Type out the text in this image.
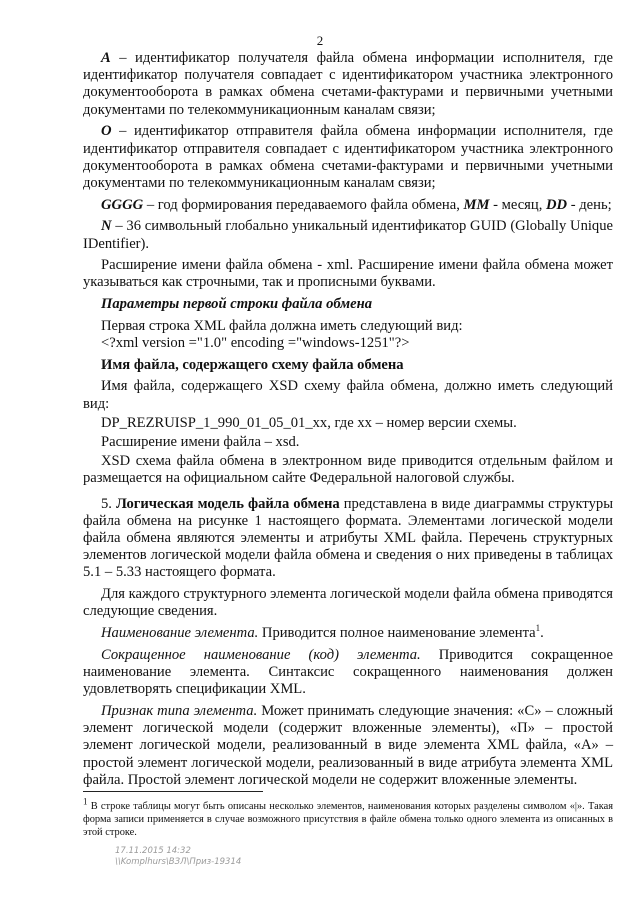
2

A – идентификатор получателя файла обмена информации исполнителя, где идентификатор получателя совпадает с идентификатором участника электронного документооборота в рамках обмена счетами-фактурами и первичными учетными документами по телекоммуникационным каналам связи;

O – идентификатор отправителя файла обмена информации исполнителя, где идентификатор отправителя совпадает с идентификатором участника электронного документооборота в рамках обмена счетами-фактурами и первичными учетными документами по телекоммуникационным каналам связи;

GGGG – год формирования передаваемого файла обмена, MM - месяц, DD - день;

N – 36 символьный глобально уникальный идентификатор GUID (Globally Unique IDentifier).

Расширение имени файла обмена - xml. Расширение имени файла обмена может указываться как строчными, так и прописными буквами.

Параметры первой строки файла обмена

Первая строка XML файла должна иметь следующий вид:

<?xml version ="1.0" encoding ="windows-1251"?>

Имя файла, содержащего схему файла обмена

Имя файла, содержащего XSD схему файла обмена, должно иметь следующий вид:

DP_REZRUISP_1_990_01_05_01_xx, где хх – номер версии схемы.

Расширение имени файла – xsd.

XSD схема файла обмена в электронном виде приводится отдельным файлом и размещается на официальном сайте Федеральной налоговой службы.

5. Логическая модель файла обмена представлена в виде диаграммы структуры файла обмена на рисунке 1 настоящего формата. Элементами логической модели файла обмена являются элементы и атрибуты XML файла. Перечень структурных элементов логической модели файла обмена и сведения о них приведены в таблицах 5.1 – 5.33 настоящего формата.

Для каждого структурного элемента логической модели файла обмена приводятся следующие сведения.

Наименование элемента. Приводится полное наименование элемента$^1$.

Сокращенное наименование (код) элемента. Приводится сокращенное наименование элемента. Синтаксис сокращенного наименования должен удовлетворять спецификации XML.

Признак типа элемента. Может принимать следующие значения: «С» – сложный элемент логической модели (содержит вложенные элементы), «П» – простой элемент логической модели, реализованный в виде элемента XML файла, «А» – простой элемент логической модели, реализованный в виде атрибута элемента XML файла. Простой элемент логической модели не содержит вложенные элементы.

$^1$ В строке таблицы могут быть описаны несколько элементов, наименования которых разделены символом «|». Такая форма записи применяется в случае возможного присутствия в файле обмена только одного элемента из описанных в этой строке.
17.11.2015 14:32
\\Komplhurs\ВЗЛ\Приз-19314
